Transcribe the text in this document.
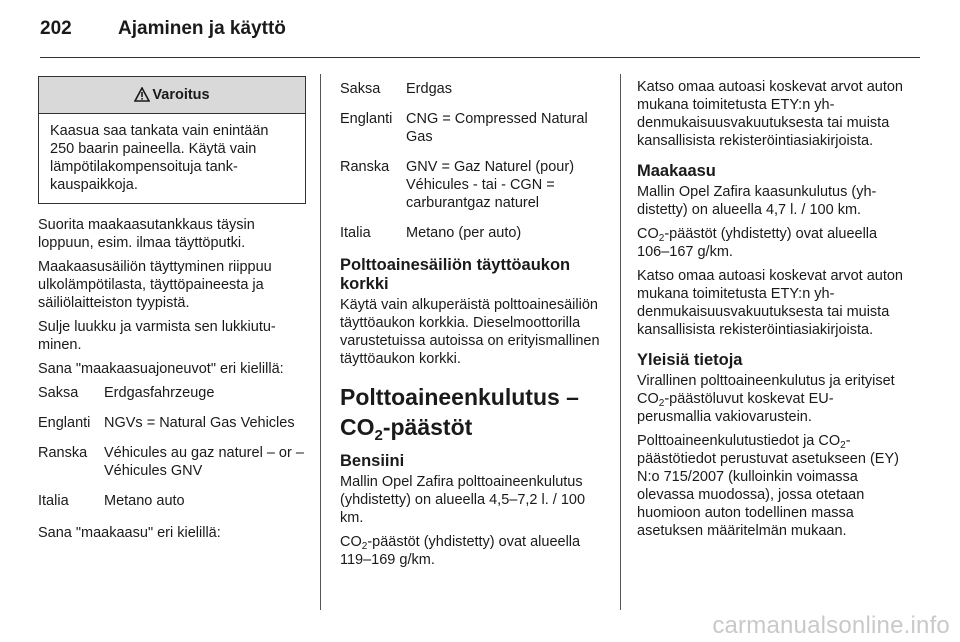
202 Ajaminen ja käyttö
Varoitus
Kaasua saa tankata vain enintään 250 baarin paineella. Käytä vain lämpötilakompensoituja tankkauspaikkoja.

Suorita maakaasutankkaus täysin loppuun, esim. ilmaa täyttöputki.

Maakaasusäiliön täyttyminen riippuu ulkolämpötilasta, täyttöpaineesta ja säiliölaitteiston tyypistä.

Sulje luukku ja varmista sen lukkiutuminen.

Sana "maakaasuajoneuvot" eri kielillä:

Saksa	Erdgasfahrzeuge

Englanti	NGVs = Natural Gas Vehicles

Ranska	Véhicules au gaz naturel – or – Véhicules GNV

Italia	Metano auto

Sana "maakaasu" eri kielillä:

Saksa	Erdgas

Englanti	CNG = Compressed Natural Gas

Ranska	GNV = Gaz Naturel (pour) Véhicules - tai - CGN = carburantgaz naturel

Italia	Metano (per auto)
Polttoainesäiliön täyttöaukon korkki

Käytä vain alkuperäistä polttoainesäiliön täyttöaukon korkkia. Dieselmoottorilla varustetuissa autoissa on erityismallinen täyttöaukon korkki.

Polttoaineenkulutus – $CO_2$-päästöt
Bensiini

Mallin Opel Zafira polttoaineenkulutus (yhdistetty) on alueella 4,5–7,2 l. / 100 km.

$CO_2$-päästöt (yhdistetty) ovat alueella 119–169 g/km.

Katso omaa autoasi koskevat arvot auton mukana toimitetusta ETY:n yhdenmukaisuusvakuutuksesta tai muista kansallisista rekisteröintiasiakirjoista.

Maakaasu

Mallin Opel Zafira kaasunkulutus (yhdistetty) on alueella 4,7 l. / 100 km.

$CO_2$-päästöt (yhdistetty) ovat alueella 106–167 g/km.

Katso omaa autoasi koskevat arvot auton mukana toimitetusta ETY:n yhdenmukaisuusvakuutuksesta tai muista kansallisista rekisteröintiasiakirjoista.

Yleisiä tietoja

Virallinen polttoaineenkulutus ja erityiset $CO_2$-päästöluvut koskevat EU-perusmallia vakiovarustein.

Polttoaineenkulutustiedot ja $CO_2$-päästötiedot perustuvat asetukseen (EY) N:o 715/2007 (kulloinkin voimassa olevassa muodossa), jossa otetaan huomioon auton todellinen massa asetuksen määritelmän mukaan.

carmanualsonline.info
